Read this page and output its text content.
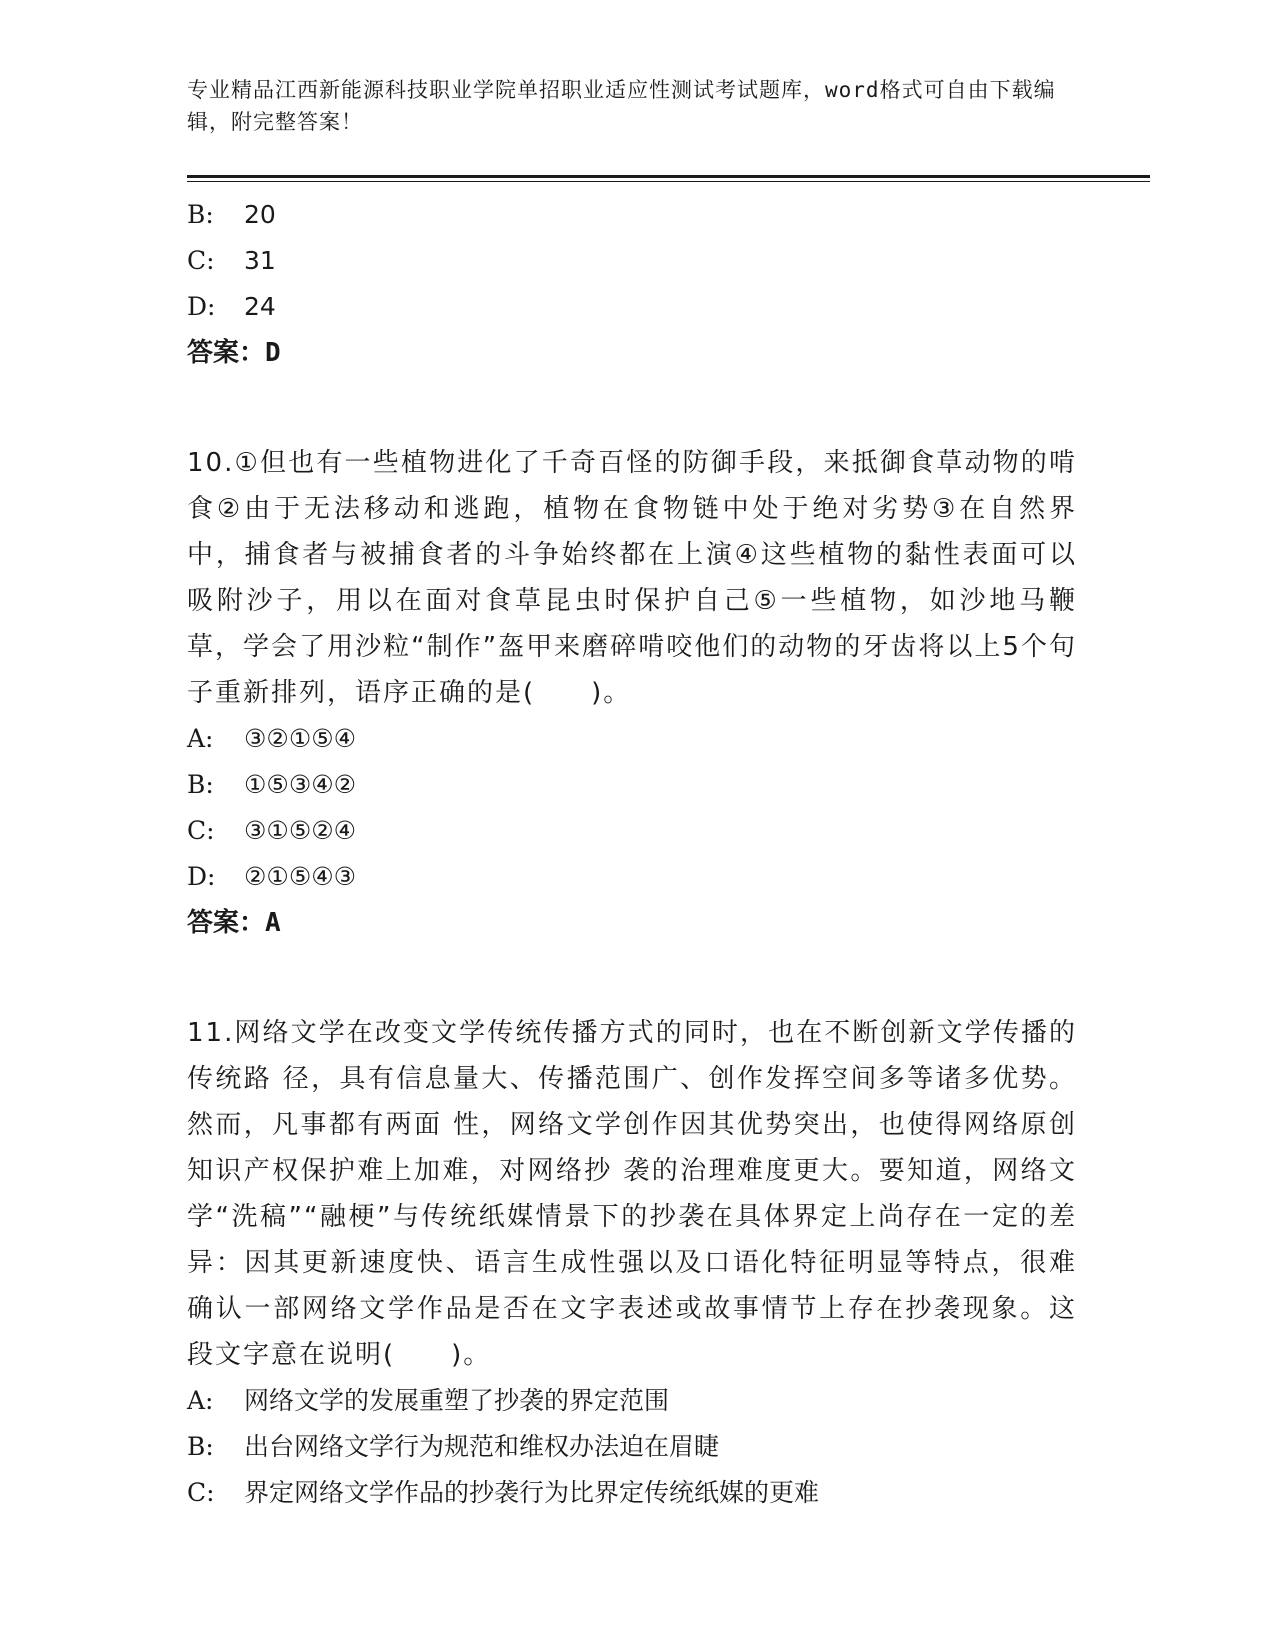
专业精品江西新能源科技职业学院单招职业适应性测试考试题库，word格式可自由下载编辑，附完整答案！
B: 20
C: 31
D: 24
答案：D
10.①但也有一些植物进化了千奇百怪的防御手段，来抵御食草动物的啃食②由于无法移动和逃跑，植物在食物链中处于绝对劣势③在自然界中，捕食者与被捕食者的斗争始终都在上演④这些植物的黏性表面可以吸附沙子，用以在面对食草昆虫时保护自己⑤一些植物，如沙地马鞭草，学会了用沙粒“制作”盔甲来磨碎啃咬他们的动物的牙齿将以上5个句子重新排列，语序正确的是(　　)。
A: ③②①⑤④
B: ①⑤③④②
C: ③①⑤②④
D: ②①⑤④③
答案：A
11.网络文学在改变文学传统传播方式的同时，也在不断创新文学传播的传统路 径，具有信息量大、传播范围广、创作发挥空间多等诸多优势。然而，凡事都有两面 性，网络文学创作因其优势突出，也使得网络原创知识产权保护难上加难，对网络抄 袭的治理难度更大。要知道，网络文学“洗稿”“融梗”与传统纸媒情景下的抄袭在具体界定上尚存在一定的差异：因其更新速度快、语言生成性强以及口语化特征明显等特点，很难确认一部网络文学作品是否在文字表述或故事情节上存在抄袭现象。这段文字意在说明(　　)。
A: 网络文学的发展重塑了抄袭的界定范围
B: 出台网络文学行为规范和维权办法迫在眉睫
C: 界定网络文学作品的抄袭行为比界定传统纸媒的更难
